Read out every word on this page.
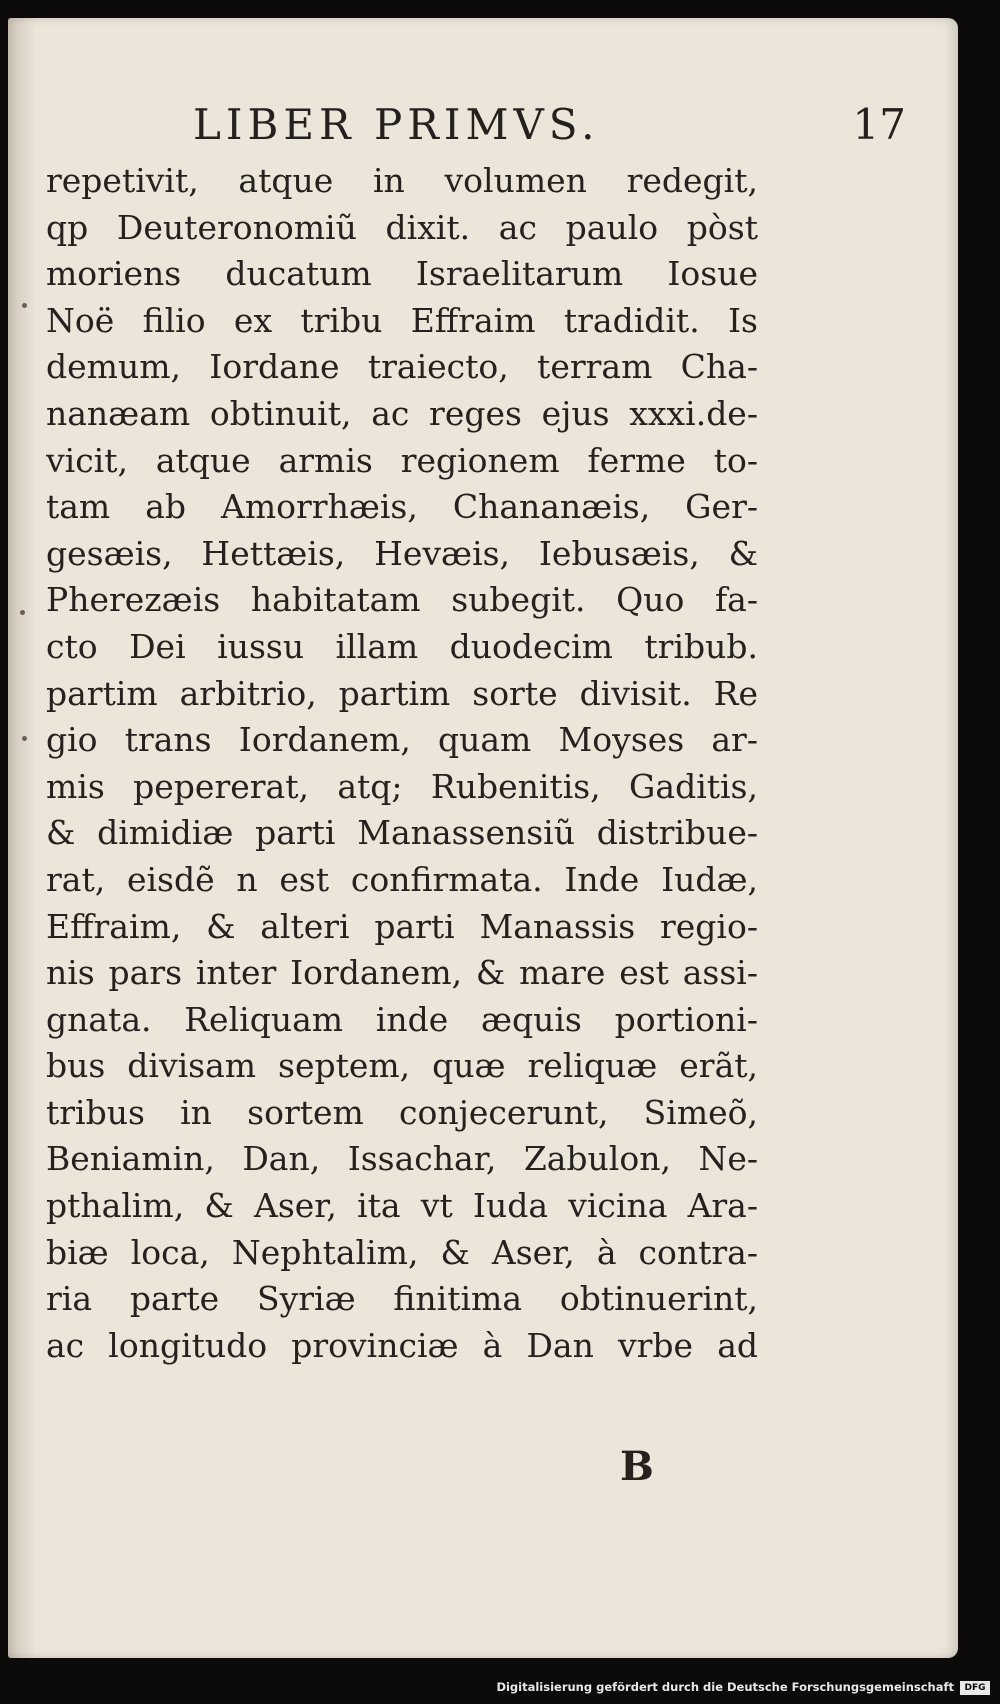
LIBER PRIMVS.	17
repetivit, atque in volumen redegit,
qp Deuteronomiũ dixit. ac paulo pòst
moriens ducatum Israelitarum Iosue
Noë filio ex tribu Effraim tradidit. Is
demum, Iordane traiecto, terram Cha-
nanæam obtinuit, ac reges ejus xxxi.de-
vicit, atque armis regionem ferme to-
tam ab Amorrhæis, Chananæis, Ger-
gesæis, Hettæis, Hevæis, Iebusæis, &
Pherezæis habitatam subegit. Quo fa-
cto Dei iussu illam duodecim tribub.
partim arbitrio, partim sorte divisit. Re
gio trans Iordanem, quam Moyses ar-
mis pepererat, atq; Rubenitis, Gaditis,
& dimidiæ parti Manassensiũ distribue-
rat, eisdẽ n est confirmata. Inde Iudæ,
Effraim, & alteri parti Manassis regio-
nis pars inter Iordanem, & mare est assi-
gnata. Reliquam inde æquis portioni-
bus divisam septem, quæ reliquæ erãt,
tribus in sortem conjecerunt, Simeõ,
Beniamin, Dan, Issachar, Zabulon, Ne-
pthalim, & Aser, ita vt Iuda vicina Ara-
biæ loca, Nephtalim, & Aser, à contra-
ria parte Syriæ finitima obtinuerint,
ac longitudo provinciæ à Dan vrbe ad
B
Digitalisierung gefördert durch die Deutsche Forschungsgemeinschaft	DFG
